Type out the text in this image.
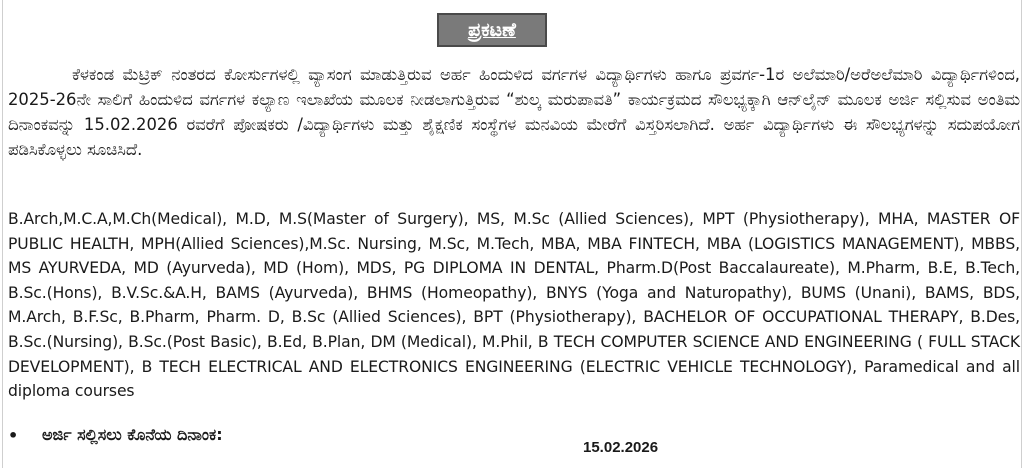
ಪ್ರಕಟಣೆ

ಕೆಳಕಂಡ ಮೆಟ್ರಿಕ್ ನಂತರದ ಕೋರ್ಸುಗಳಲ್ಲಿ ವ್ಯಾಸಂಗ ಮಾಡುತ್ತಿರುವ ಅರ್ಹ ಹಿಂದುಳಿದ ವರ್ಗಗಳ ವಿದ್ಯಾರ್ಥಿಗಳು ಹಾಗೂ ಪ್ರವರ್ಗ-1ರ ಅಲೆಮಾರಿ/ಅರೆಅಲೆಮಾರಿ ವಿದ್ಯಾರ್ಥಿಗಳಿಂದ, 2025-26ನೇ ಸಾಲಿಗೆ ಹಿಂದುಳಿದ ವರ್ಗಗಳ ಕಲ್ಯಾಣ ಇಲಾಖೆಯ ಮೂಲಕ ನೀಡಲಾಗುತ್ತಿರುವ “ಶುಲ್ಕ ಮರುಪಾವತಿ” ಕಾರ್ಯಕ್ರಮದ ಸೌಲಭ್ಯಕ್ಕಾಗಿ ಆನ್‌ಲೈನ್ ಮೂಲಕ ಅರ್ಜಿ ಸಲ್ಲಿಸುವ ಅಂತಿಮ ದಿನಾಂಕವನ್ನು 15.02.2026 ರವರೆಗೆ ಪೋಷಕರು /ವಿದ್ಯಾರ್ಥಿಗಳು ಮತ್ತು ಶೈಕ್ಷಣಿಕ ಸಂಸ್ಥೆಗಳ ಮನವಿಯ ಮೇರೆಗೆ ವಿಸ್ತರಿಸಲಾಗಿದೆ. ಅರ್ಹ ವಿದ್ಯಾರ್ಥಿಗಳು ಈ ಸೌಲಭ್ಯಗಳನ್ನು ಸದುಪಯೋಗ ಪಡಿಸಿಕೊಳ್ಳಲು ಸೂಚಿಸಿದೆ.

B.Arch,M.C.A,M.Ch(Medical), M.D, M.S(Master of Surgery), MS, M.Sc (Allied Sciences), MPT (Physiotherapy), MHA, MASTER OF PUBLIC HEALTH, MPH(Allied Sciences),M.Sc. Nursing, M.Sc, M.Tech, MBA, MBA FINTECH, MBA (LOGISTICS MANAGEMENT), MBBS, MS AYURVEDA, MD (Ayurveda), MD (Hom), MDS, PG DIPLOMA IN DENTAL, Pharm.D(Post Baccalaureate), M.Pharm, B.E, B.Tech, B.Sc.(Hons), B.V.Sc.&A.H, BAMS (Ayurveda), BHMS (Homeopathy), BNYS (Yoga and Naturopathy), BUMS (Unani), BAMS, BDS, M.Arch, B.F.Sc, B.Pharm, Pharm. D, B.Sc (Allied Sciences), BPT (Physiotherapy), BACHELOR OF OCCUPATIONAL THERAPY, B.Des, B.Sc.(Nursing), B.Sc.(Post Basic), B.Ed, B.Plan, DM (Medical), M.Phil, B TECH COMPUTER SCIENCE AND ENGINEERING ( FULL STACK DEVELOPMENT), B TECH ELECTRICAL AND ELECTRONICS ENGINEERING (ELECTRIC VEHICLE TECHNOLOGY), Paramedical and all diploma courses

• ಅರ್ಜಿ ಸಲ್ಲಿಸಲು ಕೊನೆಯ ದಿನಾಂಕ:
15.02.2026
